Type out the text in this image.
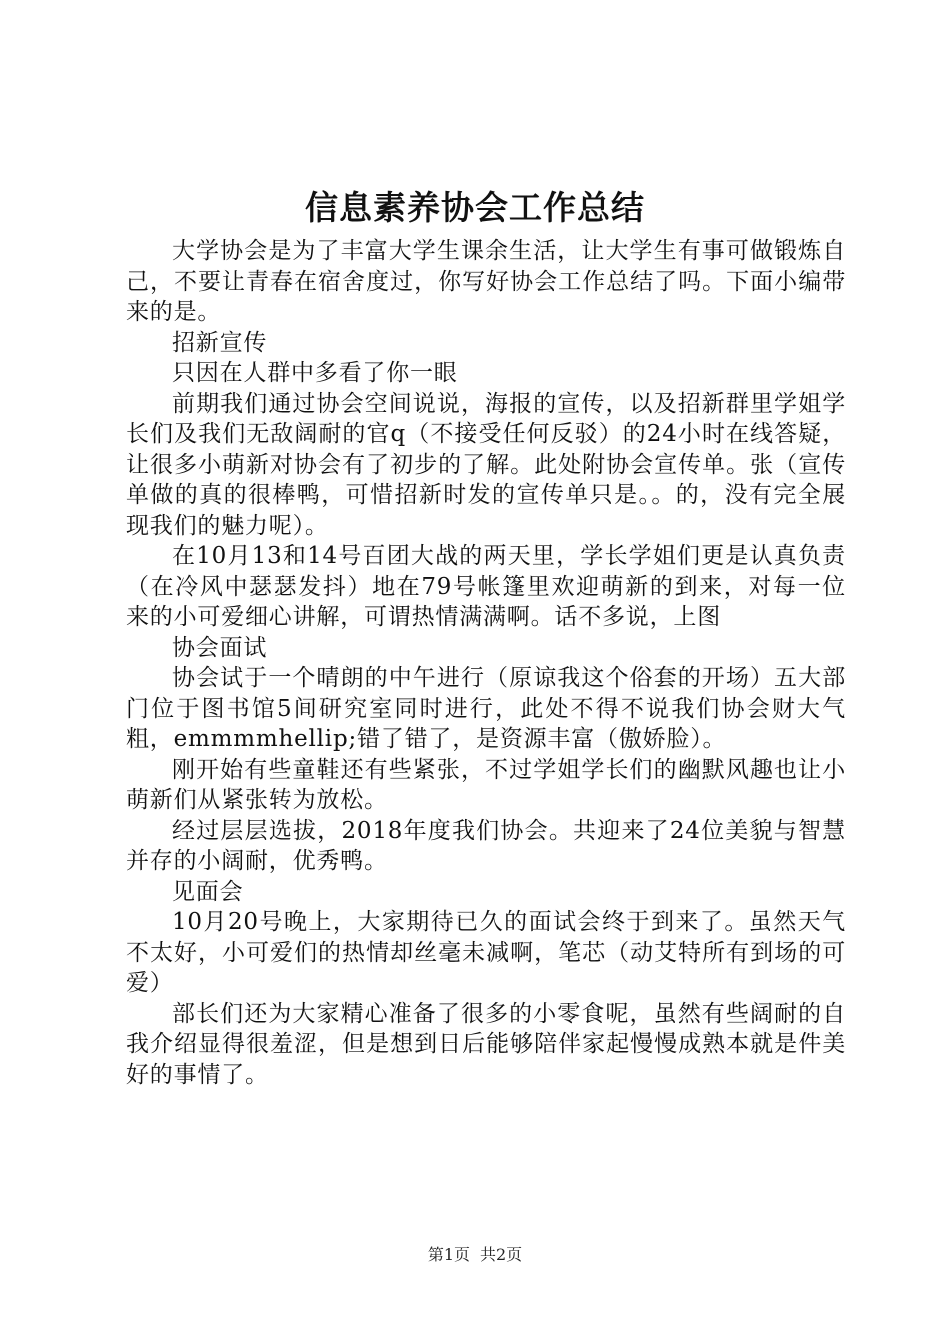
信息素养协会工作总结

大学协会是为了丰富大学生课余生活，让大学生有事可做锻炼自己，不要让青春在宿舍度过，你写好协会工作总结了吗。下面小编带来的是。

招新宣传

只因在人群中多看了你一眼

前期我们通过协会空间说说，海报的宣传，以及招新群里学姐学长们及我们无敌阔耐的官q（不接受任何反驳）的24小时在线答疑，让很多小萌新对协会有了初步的了解。此处附协会宣传单。张（宣传单做的真的很棒鸭，可惜招新时发的宣传单只是。。的，没有完全展现我们的魅力呢）。

在10月13和14号百团大战的两天里，学长学姐们更是认真负责（在冷风中瑟瑟发抖）地在79号帐篷里欢迎萌新的到来，对每一位来的小可爱细心讲解，可谓热情满满啊。话不多说，上图

协会面试

协会试于一个晴朗的中午进行（原谅我这个俗套的开场）五大部门位于图书馆5间研究室同时进行，此处不得不说我们协会财大气粗，emmmmhellip;错了错了，是资源丰富（傲娇脸）。

刚开始有些童鞋还有些紧张，不过学姐学长们的幽默风趣也让小萌新们从紧张转为放松。

经过层层选拔，2018年度我们协会。共迎来了24位美貌与智慧并存的小阔耐，优秀鸭。

见面会

10月20号晚上，大家期待已久的面试会终于到来了。虽然天气不太好，小可爱们的热情却丝毫未减啊，笔芯（动艾特所有到场的可爱）

部长们还为大家精心准备了很多的小零食呢，虽然有些阔耐的自我介绍显得很羞涩，但是想到日后能够陪伴家起慢慢成熟本就是件美好的事情了。

第1页 共2页
